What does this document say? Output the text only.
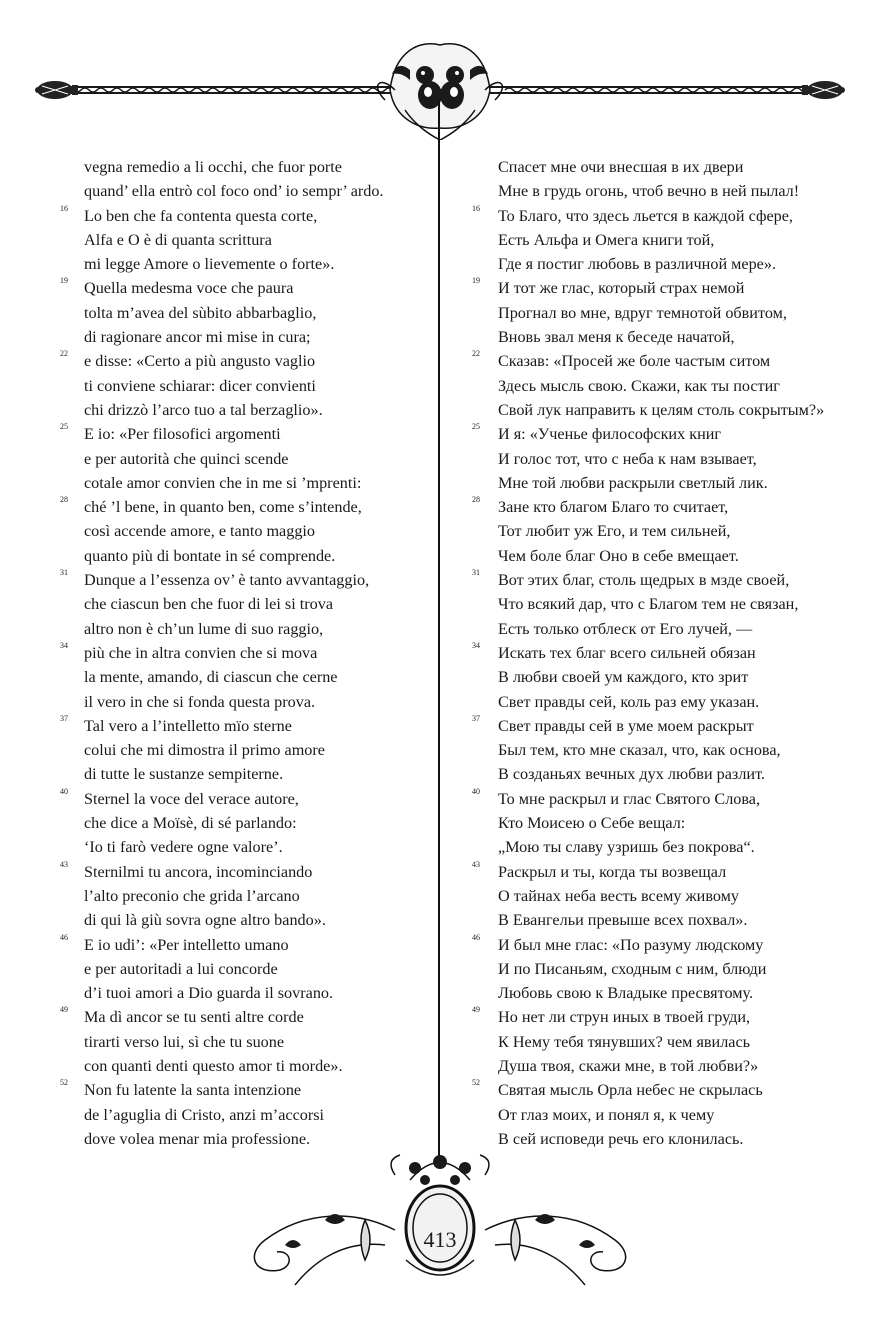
vegna remedio a li occhi, che fuor porte
quand’ ella entrò col foco ond’ io sempr’ ardo.
16 Lo ben che fa contenta questa corte,
Alfa e O è di quanta scrittura
mi legge Amore o lievemente o forte».
19 Quella medesma voce che paura
tolta m’avea del sùbito abbarbaglio,
di ragionare ancor mi mise in cura;
22 e disse: «Certo a più angusto vaglio
ti conviene schiarar: dicer convienti
chi drizzò l’arco tuo a tal berzaglio».
25 E io: «Per filosofici argomenti
e per autorità che quinci scende
cotale amor convien che in me si ’mprenti:
28 ché ’l bene, in quanto ben, come s’intende,
così accende amore, e tanto maggio
quanto più di bontate in sé comprende.
31 Dunque a l’essenza ov’ è tanto avvantaggio,
che ciascun ben che fuor di lei si trova
altro non è ch’un lume di suo raggio,
34 più che in altra convien che si mova
la mente, amando, di ciascun che cerne
il vero in che si fonda questa prova.
37 Tal vero a l’intelletto mïo sterne
colui che mi dimostra il primo amore
di tutte le sustanze sempiterne.
40 Sternel la voce del verace autore,
che dice a Moïsè, di sé parlando:
‘Io ti farò vedere ogne valore’.
43 Sternilmi tu ancora, incominciando
l’alto preconio che grida l’arcano
di qui là giù sovra ogne altro bando».
46 E io udi’: «Per intelletto umano
e per autoritadi a lui concorde
d’i tuoi amori a Dio guarda il sovrano.
49 Ma dì ancor se tu senti altre corde
tirarti verso lui, sì che tu suone
con quanti denti questo amor ti morde».
52 Non fu latente la santa intenzione
de l’aguglia di Cristo, anzi m’accorsi
dove volea menar mia professione.
Спасет мне очи внесшая в их двери
Мне в грудь огонь, чтоб вечно в ней пылал!
16	То Благо, что здесь льется в каждой сфере,
Есть Альфа и Омега книги той,
Где я постиг любовь в различной мере».
19	И тот же глас, который страх немой
Прогнал во мне, вдруг темнотой обвитом,
Вновь звал меня к беседе начатой,
22	Сказав: «Просей же боле частым ситом
Здесь мысль свою. Скажи, как ты постиг
Свой лук направить к целям столь сокрытым?»
25	И я: «Ученье философских книг
И голос тот, что с неба к нам взывает,
Мне той любви раскрыли светлый лик.
28	Зане кто благом Благо то считает,
Тот любит уж Его, и тем сильней,
Чем боле благ Оно в себе вмещает.
31	Вот этих благ, столь щедрых в мзде своей,
Что всякий дар, что с Благом тем не связан,
Есть только отблеск от Его лучей, —
34	Искать тех благ всего сильней обязан
В любви своей ум каждого, кто зрит
Свет правды сей, коль раз ему указан.
37	Свет правды сей в уме моем раскрыт
Был тем, кто мне сказал, что, как основа,
В созданьях вечных дух любви разлит.
40	То мне раскрыл и глас Святого Слова,
Кто Моисею о Себе вещал:
„Мою ты славу узришь без покрова“.
43	Раскрыл и ты, когда ты возвещал
О тайнах неба весть всему живому
В Евангельи превыше всех похвал».
46	И был мне глас: «По разуму людскому
И по Писаньям, сходным с ним, блюди
Любовь свою к Владыке пресвятому.
49	Но нет ли струн иных в твоей груди,
К Нему тебя тянувших? чем явилась
Душа твоя, скажи мне, в той любви?»
52	Святая мысль Орла небес не скрылась
От глаз моих, и понял я, к чему
В сей исповеди речь его клонилась.
413
